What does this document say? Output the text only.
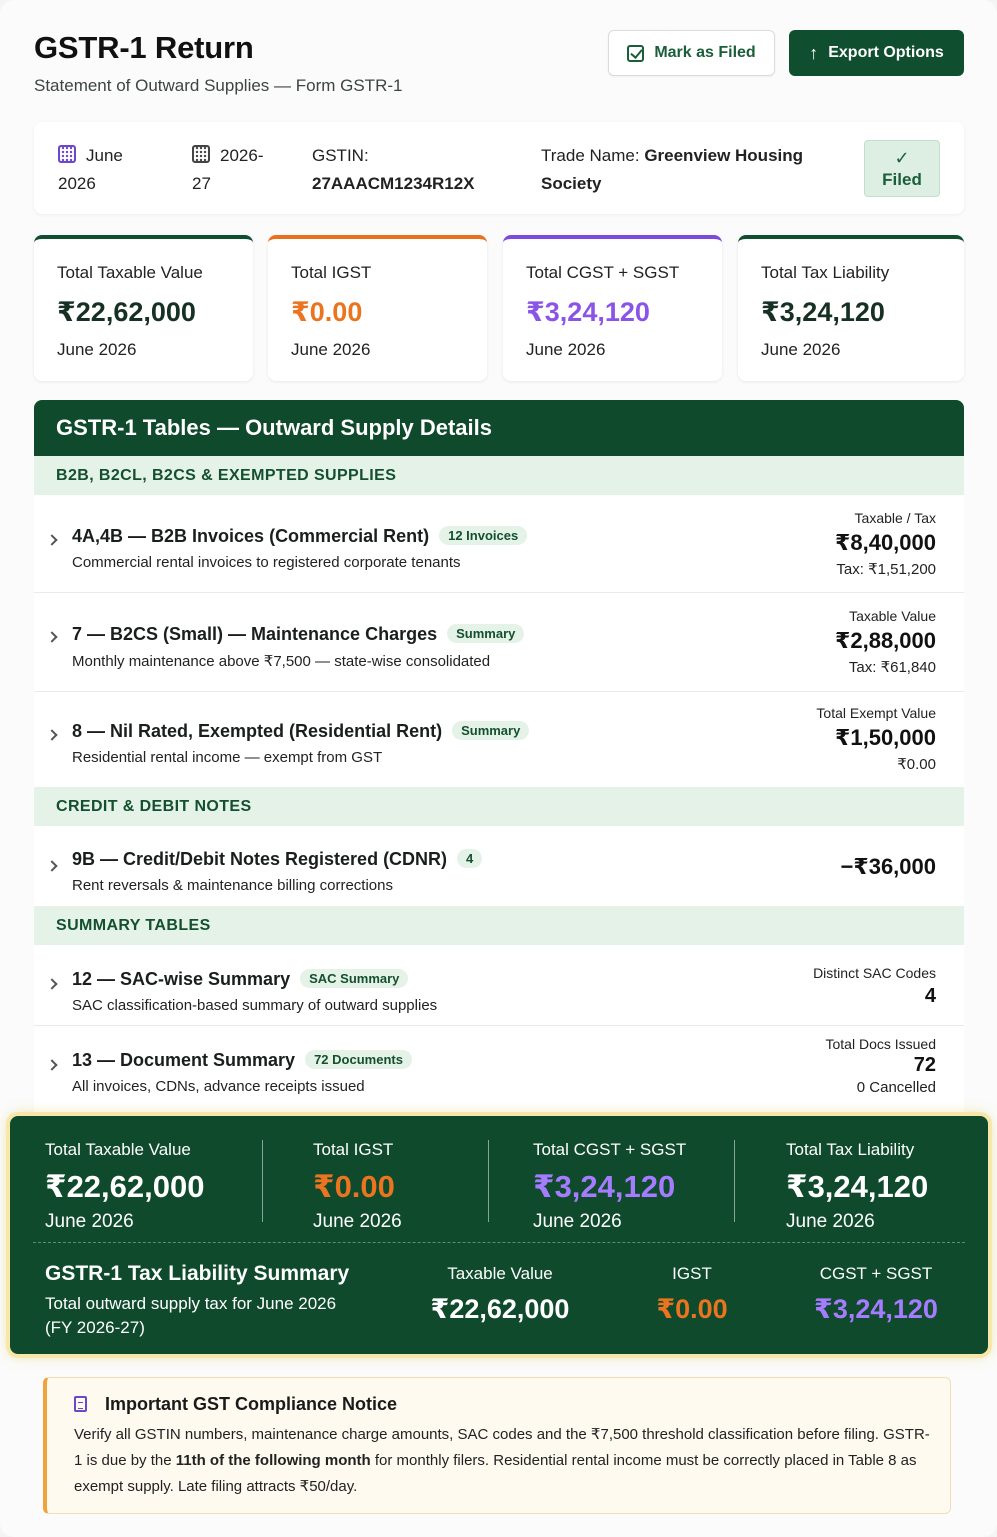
GSTR-1 Return
Statement of Outward Supplies — Form GSTR-1
Mark as Filed	↑ Export Options
June
2026
2026-
27
GSTIN:
27AAACM1234R12X
Trade Name: Greenview Housing
Society
✓
Filed
Total Taxable Value
₹22,62,000
June 2026
Total IGST
₹0.00
June 2026
Total CGST + SGST
₹3,24,120
June 2026
Total Tax Liability
₹3,24,120
June 2026
GSTR-1 Tables — Outward Supply Details
B2B, B2CL, B2CS & EXEMPTED SUPPLIES
4A,4B — B2B Invoices (Commercial Rent) 12 Invoices
Commercial rental invoices to registered corporate tenants
Taxable / Tax
₹8,40,000
Tax: ₹1,51,200
7 — B2CS (Small) — Maintenance Charges Summary
Monthly maintenance above ₹7,500 — state-wise consolidated
Taxable Value
₹2,88,000
Tax: ₹61,840
8 — Nil Rated, Exempted (Residential Rent) Summary
Residential rental income — exempt from GST
Total Exempt Value
₹1,50,000
₹0.00
CREDIT & DEBIT NOTES
9B — Credit/Debit Notes Registered (CDNR) 4
Rent reversals & maintenance billing corrections
−₹36,000
SUMMARY TABLES
12 — SAC-wise Summary SAC Summary
SAC classification-based summary of outward supplies
Distinct SAC Codes
4
13 — Document Summary 72 Documents
All invoices, CDNs, advance receipts issued
Total Docs Issued
72
0 Cancelled
Total Taxable Value
₹22,62,000
June 2026
Total IGST
₹0.00
June 2026
Total CGST + SGST
₹3,24,120
June 2026
Total Tax Liability
₹3,24,120
June 2026
GSTR-1 Tax Liability Summary
Total outward supply tax for June 2026 (FY 2026-27)
Taxable Value
₹22,62,000
IGST
₹0.00
CGST + SGST
₹3,24,120
Important GST Compliance Notice
Verify all GSTIN numbers, maintenance charge amounts, SAC codes and the ₹7,500 threshold classification before filing. GSTR-1 is due by the 11th of the following month for monthly filers. Residential rental income must be correctly placed in Table 8 as exempt supply. Late filing attracts ₹50/day.
